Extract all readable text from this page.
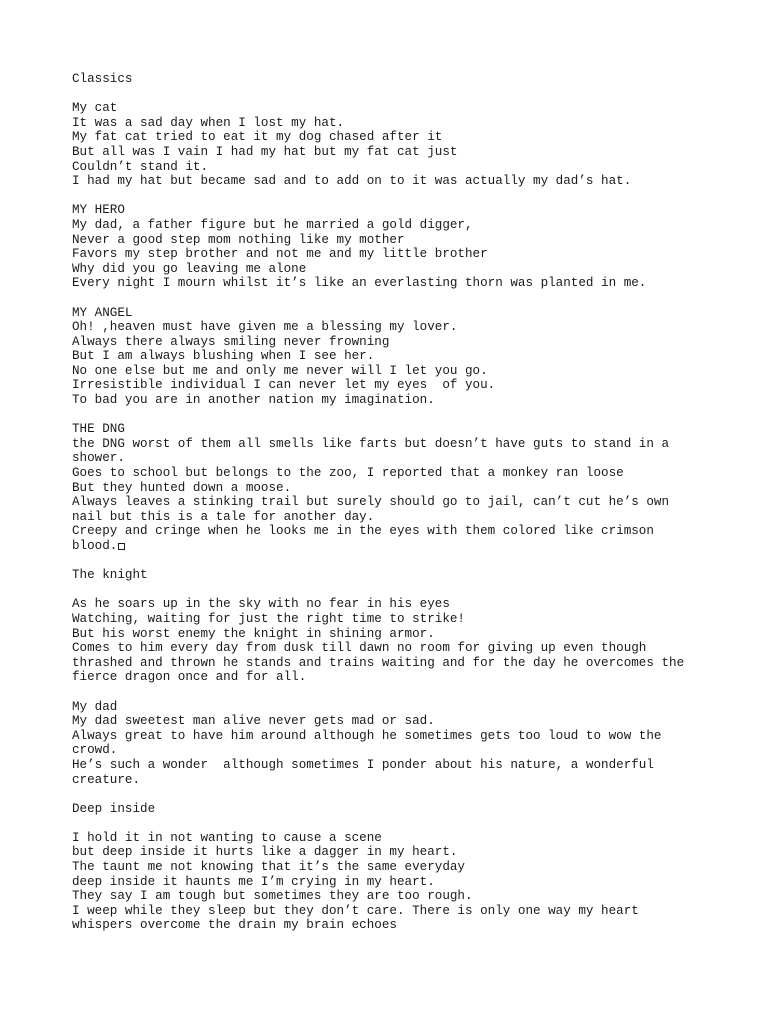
Classics
My cat
It was a sad day when I lost my hat.
My fat cat tried to eat it my dog chased after it
But all was I vain I had my hat but my fat cat just
Couldn’t stand it.
I had my hat but became sad and to add on to it was actually my dad’s hat.
MY HERO
My dad, a father figure but he married a gold digger,
Never a good step mom nothing like my mother
Favors my step brother and not me and my little brother
Why did you go leaving me alone
Every night I mourn whilst it’s like an everlasting thorn was planted in me.
MY ANGEL
Oh! ,heaven must have given me a blessing my lover.
Always there always smiling never frowning
But I am always blushing when I see her.
No one else but me and only me never will I let you go.
Irresistible individual I can never let my eyes  of you.
To bad you are in another nation my imagination.
THE DNG
the DNG worst of them all smells like farts but doesn’t have guts to stand in a
shower.
Goes to school but belongs to the zoo, I reported that a monkey ran loose
But they hunted down a moose.
Always leaves a stinking trail but surely should go to jail, can’t cut he’s own
nail but this is a tale for another day.
Creepy and cringe when he looks me in the eyes with them colored like crimson
blood.
The knight
As he soars up in the sky with no fear in his eyes
Watching, waiting for just the right time to strike!
But his worst enemy the knight in shining armor.
Comes to him every day from dusk till dawn no room for giving up even though
thrashed and thrown he stands and trains waiting and for the day he overcomes the
fierce dragon once and for all.
My dad
My dad sweetest man alive never gets mad or sad.
Always great to have him around although he sometimes gets too loud to wow the
crowd.
He’s such a wonder  although sometimes I ponder about his nature, a wonderful
creature.
Deep inside
I hold it in not wanting to cause a scene
but deep inside it hurts like a dagger in my heart.
The taunt me not knowing that it’s the same everyday
deep inside it haunts me I’m crying in my heart.
They say I am tough but sometimes they are too rough.
I weep while they sleep but they don’t care. There is only one way my heart
whispers overcome the drain my brain echoes
